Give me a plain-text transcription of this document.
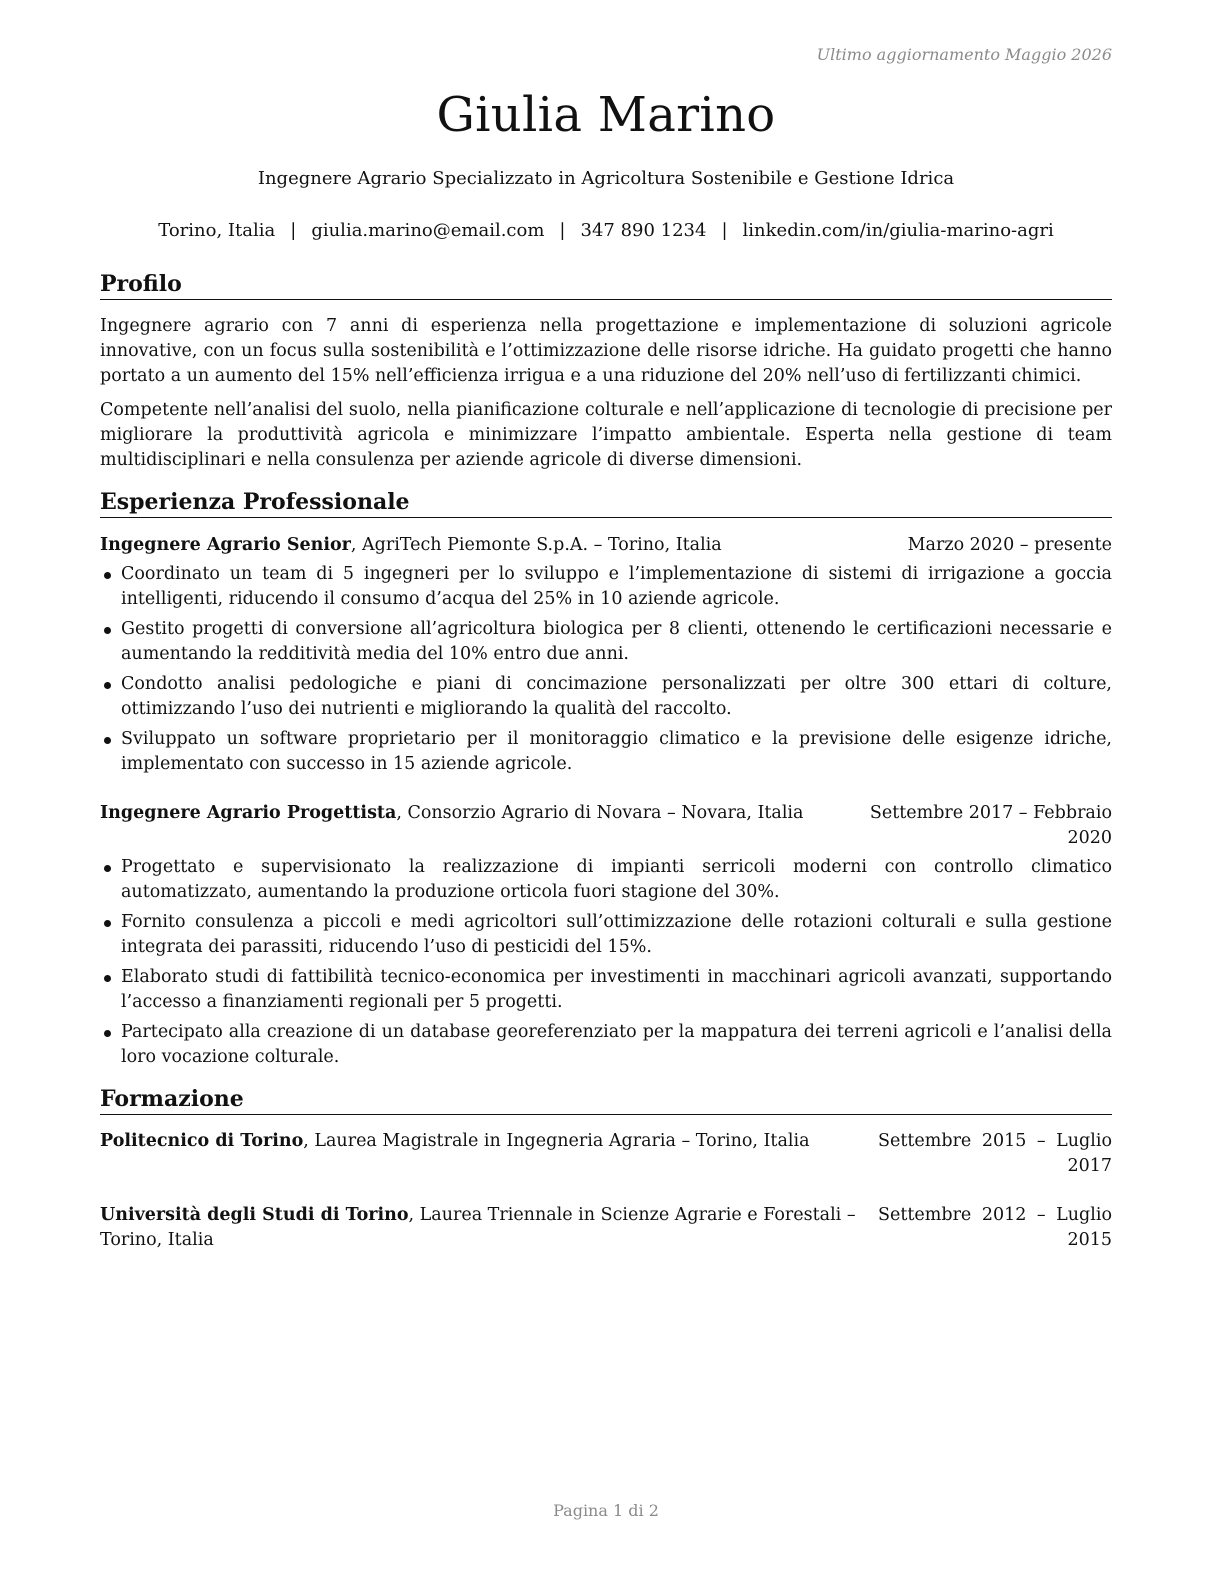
Ultimo aggiornamento Maggio 2026
Giulia Marino
Ingegnere Agrario Specializzato in Agricoltura Sostenibile e Gestione Idrica
Torino, Italia | giulia.marino@email.com | 347 890 1234 | linkedin.com/in/giulia-marino-agri
Profilo

Ingegnere agrario con 7 anni di esperienza nella progettazione e implementazione di soluzioni agricole innovative, con un focus sulla sostenibilità e l’ottimizzazione delle risorse idriche. Ha guidato progetti che hanno portato a un aumento del 15% nell’efficienza irrigua e a una riduzione del 20% nell’uso di fertilizzanti chimici.

Competente nell’analisi del suolo, nella pianificazione colturale e nell’applicazione di tecnologie di precisione per migliorare la produttività agricola e minimizzare l’impatto ambientale. Esperta nella gestione di team multidisciplinari e nella consulenza per aziende agricole di diverse dimensioni.

Esperienza Professionale
Ingegnere Agrario Senior, AgriTech Piemonte S.p.A. – Torino, Italia	Marzo 2020 – presente
Coordinato un team di 5 ingegneri per lo sviluppo e l’implementazione di sistemi di irrigazione a goccia intelligenti, riducendo il consumo d’acqua del 25% in 10 aziende agricole.
Gestito progetti di conversione all’agricoltura biologica per 8 clienti, ottenendo le certificazioni necessarie e aumentando la redditività media del 10% entro due anni.
Condotto analisi pedologiche e piani di concimazione personalizzati per oltre 300 ettari di colture, ottimizzando l’uso dei nutrienti e migliorando la qualità del raccolto.
Sviluppato un software proprietario per il monitoraggio climatico e la previsione delle esigenze idriche, implementato con successo in 15 aziende agricole.
Ingegnere Agrario Progettista, Consorzio Agrario di Novara – Novara, Italia	Settembre 2017 – Febbraio
2020
Progettato e supervisionato la realizzazione di impianti serricoli moderni con controllo climatico automatizzato, aumentando la produzione orticola fuori stagione del 30%.
Fornito consulenza a piccoli e medi agricoltori sull’ottimizzazione delle rotazioni colturali e sulla gestione integrata dei parassiti, riducendo l’uso di pesticidi del 15%.
Elaborato studi di fattibilità tecnico-economica per investimenti in macchinari agricoli avanzati, supportando l’accesso a finanziamenti regionali per 5 progetti.
Partecipato alla creazione di un database georeferenziato per la mappatura dei terreni agricoli e l’analisi della loro vocazione colturale.
Formazione
Politecnico di Torino, Laurea Magistrale in Ingegneria Agraria – Torino, Italia	Settembre 2015 – Luglio 2017
Università degli Studi di Torino, Laurea Triennale in Scienze Agrarie e Forestali – Torino, Italia
Settembre 2012 – Luglio 2015
Pagina 1 di 2
